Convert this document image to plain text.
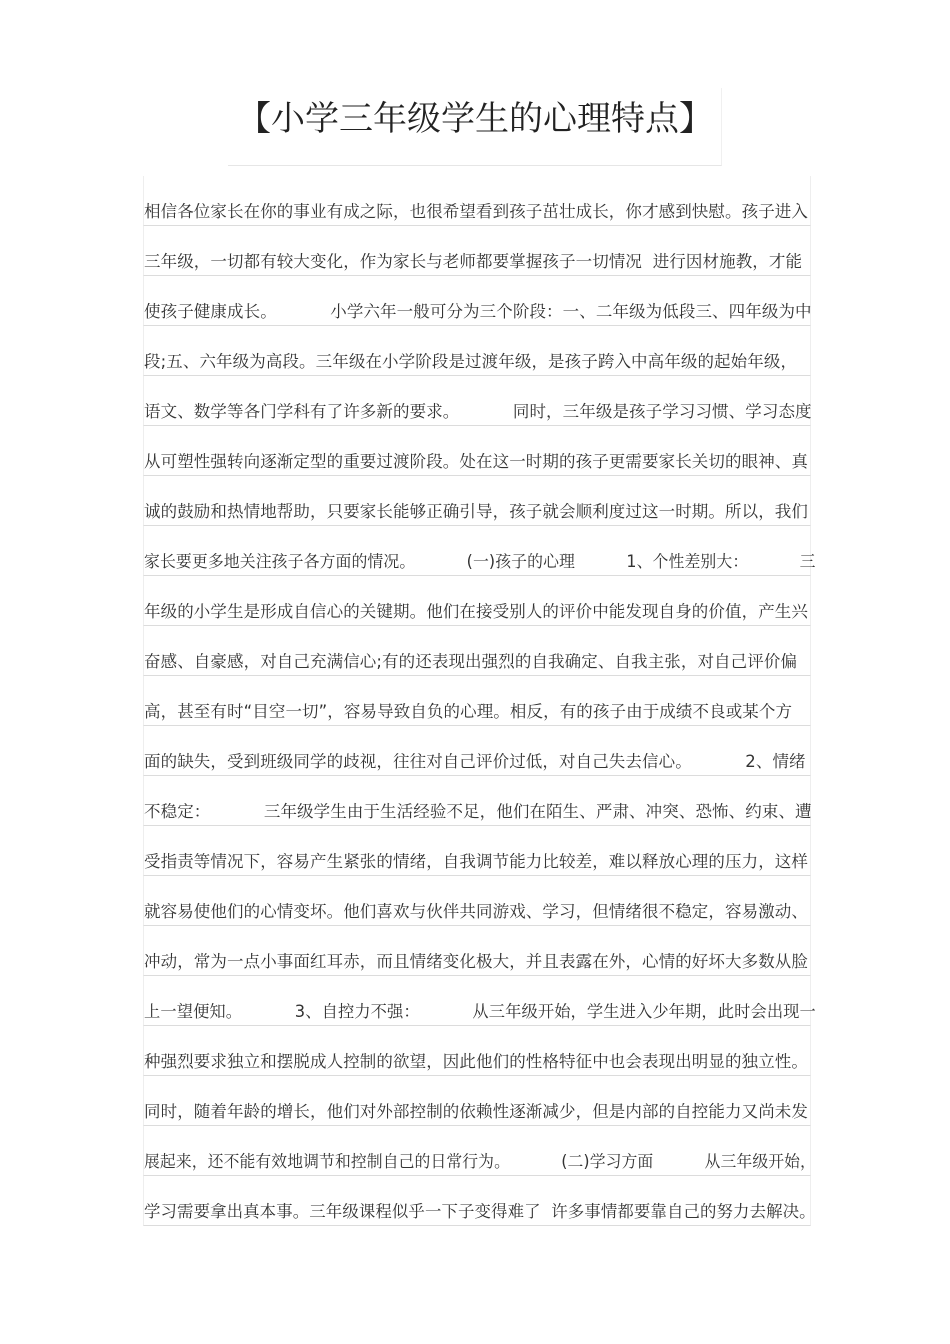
【小学三年级学生的心理特点】
相信各位家长在你的事业有成之际，也很希望看到孩子茁壮成长，你才感到快慰。孩子进入
三年级，一切都有较大变化，作为家长与老师都要掌握孩子一切情况  进行因材施教，才能
使孩子健康成长。          小学六年一般可分为三个阶段：一、二年级为低段三、四年级为中
段;五、六年级为高段。三年级在小学阶段是过渡年级，是孩子跨入中高年级的起始年级，
语文、数学等各门学科有了许多新的要求。          同时，三年级是孩子学习习惯、学习态度
从可塑性强转向逐渐定型的重要过渡阶段。处在这一时期的孩子更需要家长关切的眼神、真
诚的鼓励和热情地帮助，只要家长能够正确引导，孩子就会顺利度过这一时期。所以，我们
家长要更多地关注孩子各方面的情况。          (一)孩子的心理          1、个性差别大：          三
年级的小学生是形成自信心的关键期。他们在接受别人的评价中能发现自身的价值，产生兴
奋感、自豪感，对自己充满信心;有的还表现出强烈的自我确定、自我主张，对自己评价偏
高，甚至有时“目空一切”，容易导致自负的心理。相反，有的孩子由于成绩不良或某个方
面的缺失，受到班级同学的歧视，往往对自己评价过低，对自己失去信心。          2、情绪
不稳定：          三年级学生由于生活经验不足，他们在陌生、严肃、冲突、恐怖、约束、遭
受指责等情况下，容易产生紧张的情绪，自我调节能力比较差，难以释放心理的压力，这样
就容易使他们的心情变坏。他们喜欢与伙伴共同游戏、学习，但情绪很不稳定，容易激动、
冲动，常为一点小事面红耳赤，而且情绪变化极大，并且表露在外，心情的好坏大多数从脸
上一望便知。          3、自控力不强：          从三年级开始，学生进入少年期，此时会出现一
种强烈要求独立和摆脱成人控制的欲望，因此他们的性格特征中也会表现出明显的独立性。
同时，随着年龄的增长，他们对外部控制的依赖性逐渐减少，但是内部的自控能力又尚未发
展起来，还不能有效地调节和控制自己的日常行为。          (二)学习方面          从三年级开始，
学习需要拿出真本事。三年级课程似乎一下子变得难了  许多事情都要靠自己的努力去解决。
